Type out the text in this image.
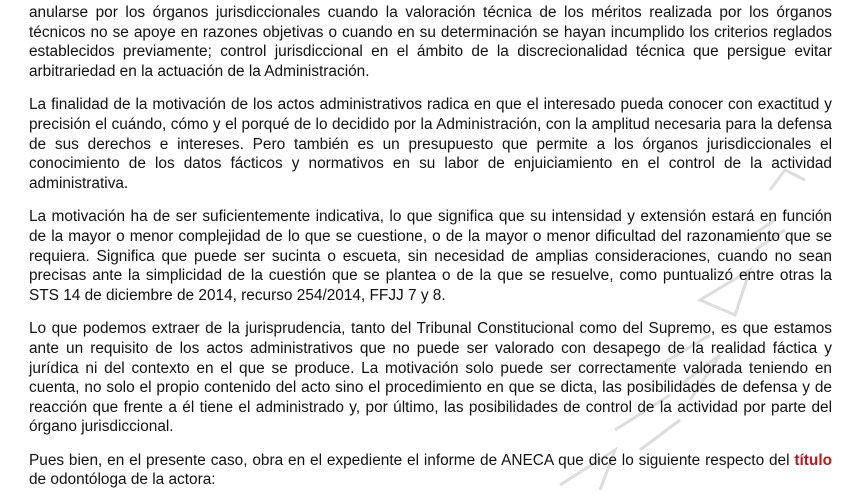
anularse por los órganos jurisdiccionales cuando la valoración técnica de los méritos realizada por los órganos técnicos no se apoye en razones objetivas o cuando en su determinación se hayan incumplido los criterios reglados establecidos previamente; control jurisdiccional en el ámbito de la discrecionalidad técnica que persigue evitar arbitrariedad en la actuación de la Administración.

La finalidad de la motivación de los actos administrativos radica en que el interesado pueda conocer con exactitud y precisión el cuándo, cómo y el porqué de lo decidido por la Administración, con la amplitud necesaria para la defensa de sus derechos e intereses. Pero también es un presupuesto que permite a los órganos jurisdiccionales el conocimiento de los datos fácticos y normativos en su labor de enjuiciamiento en el control de la actividad administrativa.

La motivación ha de ser suficientemente indicativa, lo que significa que su intensidad y extensión estará en función de la mayor o menor complejidad de lo que se cuestione, o de la mayor o menor dificultad del razonamiento que se requiera. Significa que puede ser sucinta o escueta, sin necesidad de amplias consideraciones, cuando no sean precisas ante la simplicidad de la cuestión que se plantea o de la que se resuelve, como puntualizó entre otras la STS 14 de diciembre de 2014, recurso 254/2014, FFJJ 7 y 8.

Lo que podemos extraer de la jurisprudencia, tanto del Tribunal Constitucional como del Supremo, es que estamos ante un requisito de los actos administrativos que no puede ser valorado con desapego de la realidad fáctica y jurídica ni del contexto en el que se produce. La motivación solo puede ser correctamente valorada teniendo en cuenta, no solo el propio contenido del acto sino el procedimiento en que se dicta, las posibilidades de defensa y de reacción que frente a él tiene el administrado y, por último, las posibilidades de control de la actividad por parte del órgano jurisdiccional.

Pues bien, en el presente caso, obra en el expediente el informe de ANECA que dice lo siguiente respecto del título de odontóloga de la actora:
